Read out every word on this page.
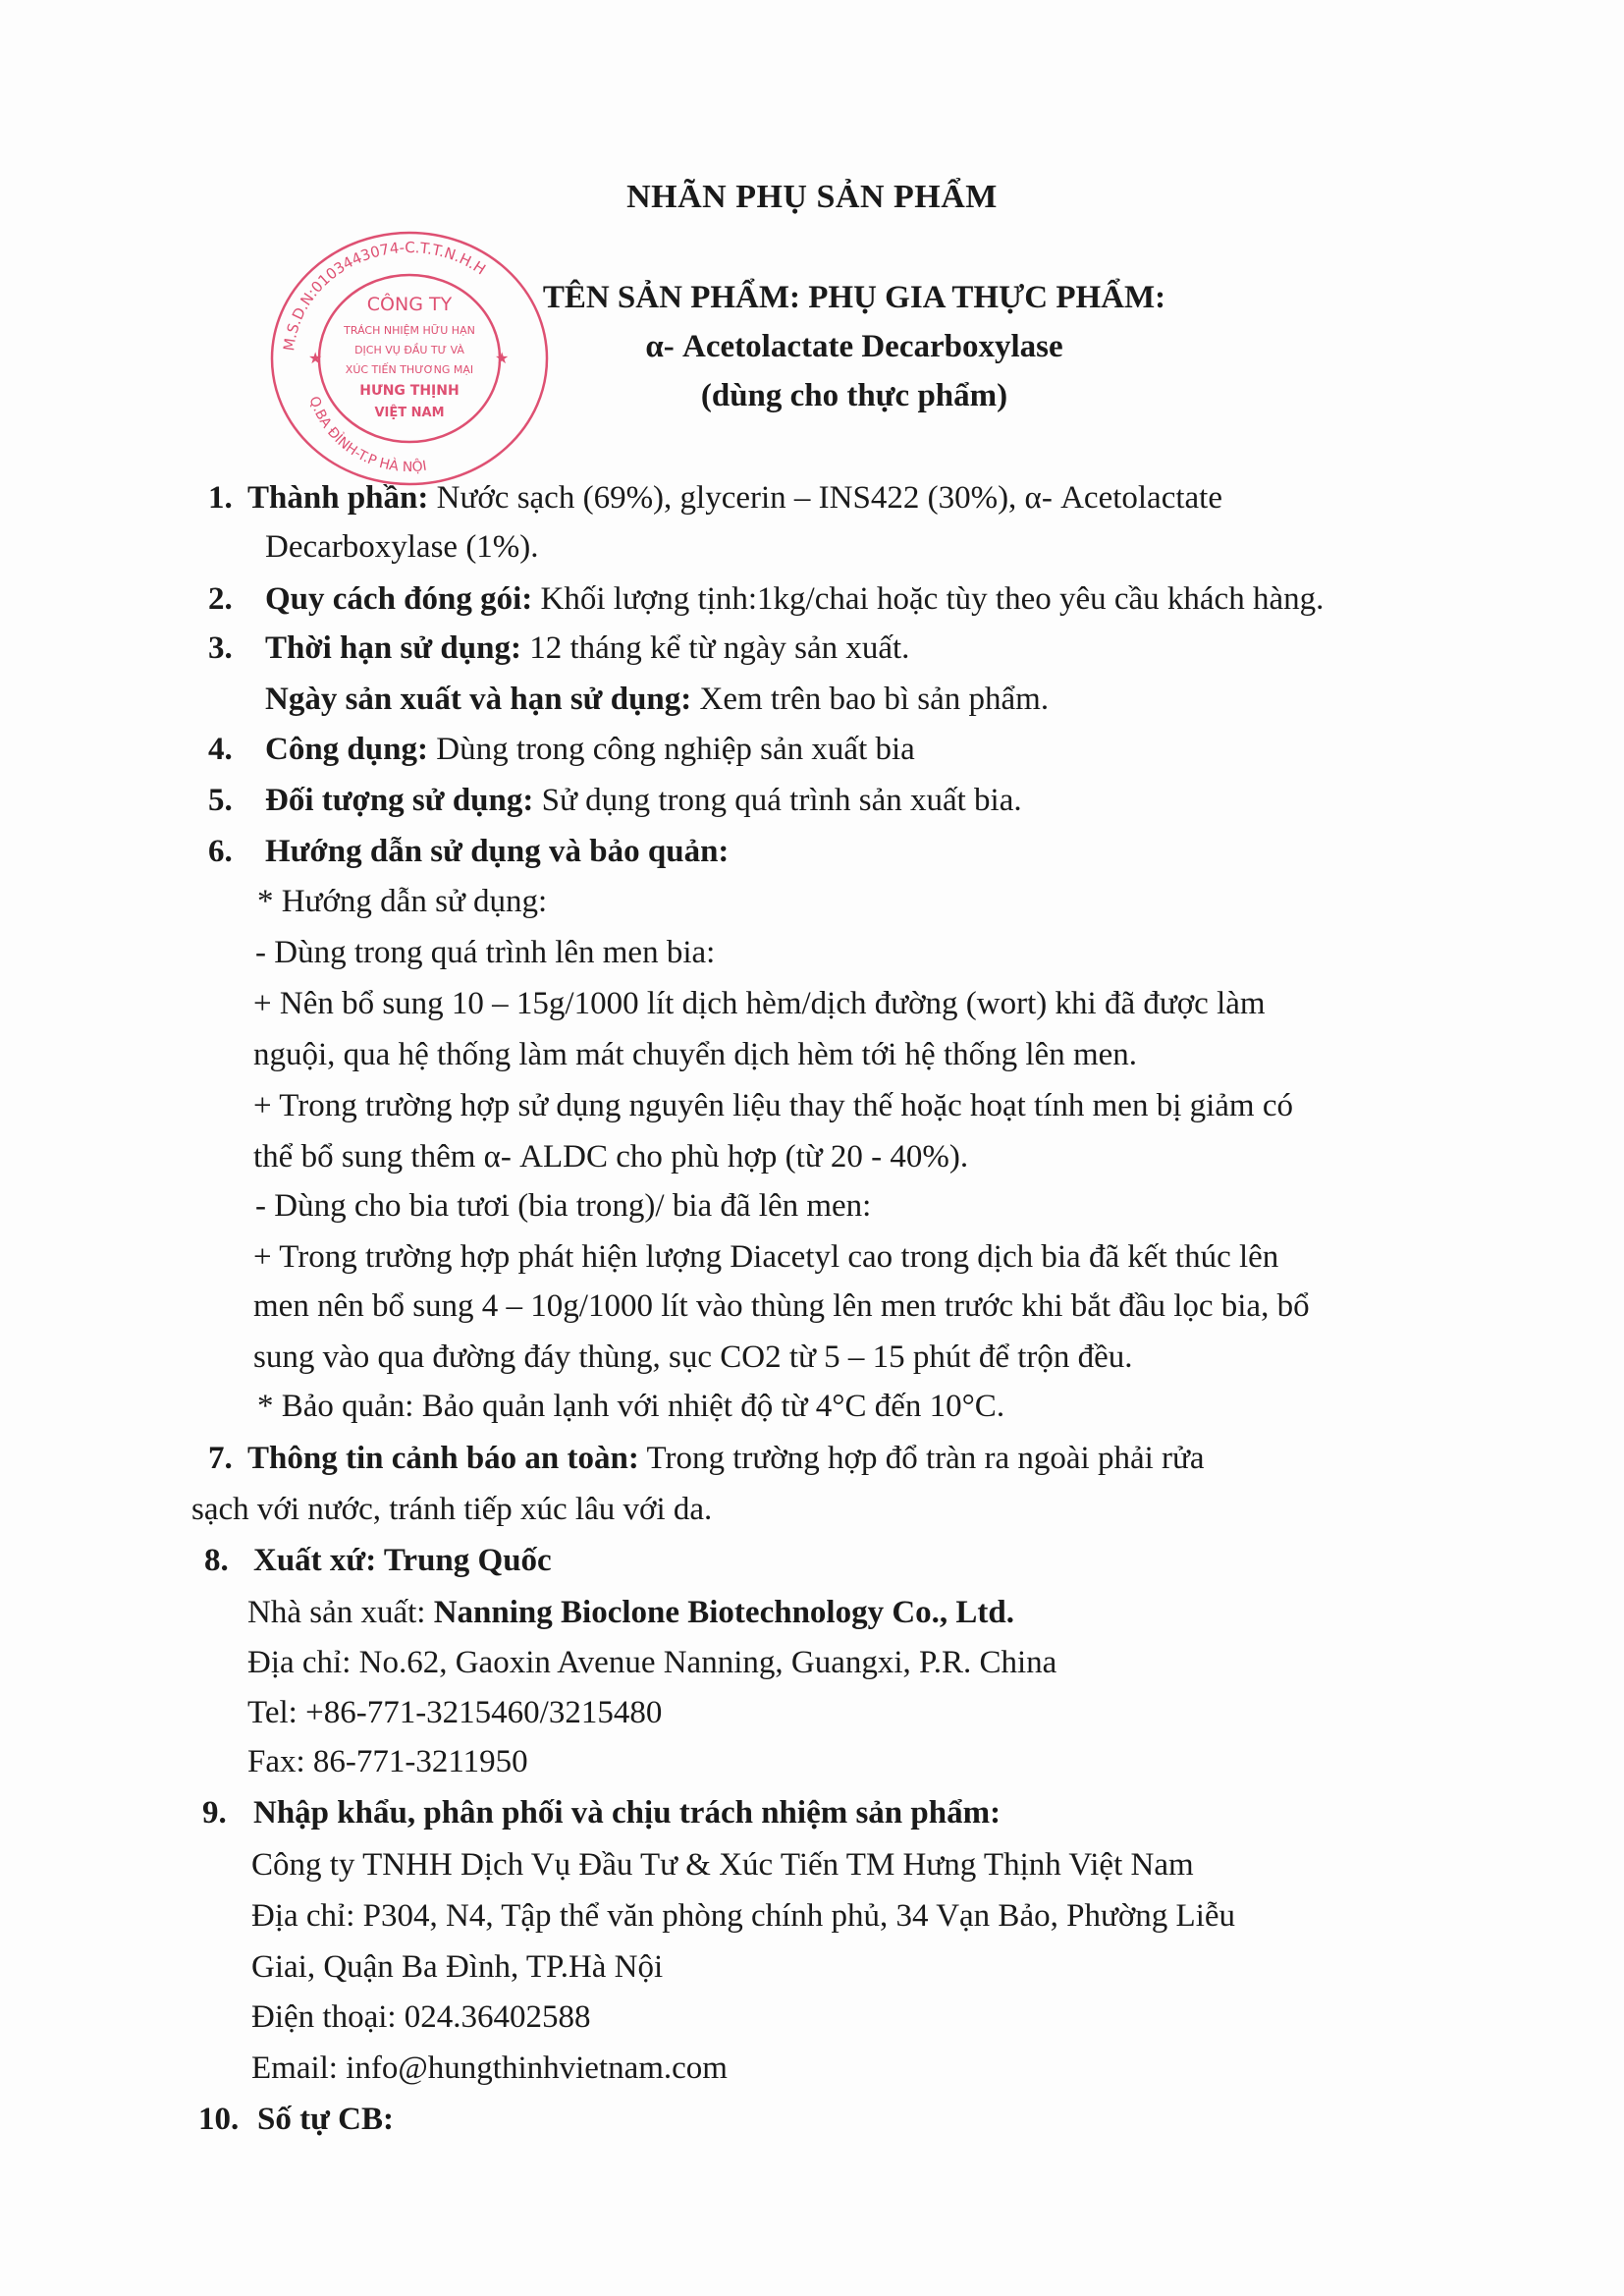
NHÃN PHỤ SẢN PHẨM
TÊN SẢN PHẨM: PHỤ GIA THỰC PHẨM:
α- Acetolactate Decarboxylase
(dùng cho thực phẩm)
M.S.D.N:0103443074-C.T.T.N.H.H
Q.BA ĐÌNH-T.P HÀ NỘI
CÔNG TY
TRÁCH NHIỆM HỮU HẠN
DỊCH VỤ ĐẦU TƯ VÀ
XÚC TIẾN THƯƠNG MẠI
HƯNG THỊNH
VIỆT NAM
★	★
1. Thành phần: Nước sạch (69%), glycerin – INS422 (30%), α- Acetolactate
Decarboxylase (1%).
2. Quy cách đóng gói: Khối lượng tịnh:1kg/chai hoặc tùy theo yêu cầu khách hàng.
3. Thời hạn sử dụng: 12 tháng kể từ ngày sản xuất.
Ngày sản xuất và hạn sử dụng: Xem trên bao bì sản phẩm.
4. Công dụng: Dùng trong công nghiệp sản xuất bia
5. Đối tượng sử dụng: Sử dụng trong quá trình sản xuất bia.
6. Hướng dẫn sử dụng và bảo quản:
* Hướng dẫn sử dụng:
- Dùng trong quá trình lên men bia:
+ Nên bổ sung 10 – 15g/1000 lít dịch hèm/dịch đường (wort) khi đã được làm
nguội, qua hệ thống làm mát chuyển dịch hèm tới hệ thống lên men.
+ Trong trường hợp sử dụng nguyên liệu thay thế hoặc hoạt tính men bị giảm có
thể bổ sung thêm α- ALDC cho phù hợp (từ 20 - 40%).
- Dùng cho bia tươi (bia trong)/ bia đã lên men:
+ Trong trường hợp phát hiện lượng Diacetyl cao trong dịch bia đã kết thúc lên
men nên bổ sung 4 – 10g/1000 lít vào thùng lên men trước khi bắt đầu lọc bia, bổ
sung vào qua đường đáy thùng, sục CO2 từ 5 – 15 phút để trộn đều.
* Bảo quản: Bảo quản lạnh với nhiệt độ từ 4°C đến 10°C.
7. Thông tin cảnh báo an toàn: Trong trường hợp đổ tràn ra ngoài phải rửa
sạch với nước, tránh tiếp xúc lâu với da.
8. Xuất xứ: Trung Quốc
Nhà sản xuất: Nanning Bioclone Biotechnology Co., Ltd.
Địa chỉ: No.62, Gaoxin Avenue Nanning, Guangxi, P.R. China
Tel: +86-771-3215460/3215480
Fax: 86-771-3211950
9. Nhập khẩu, phân phối và chịu trách nhiệm sản phẩm:
Công ty TNHH Dịch Vụ Đầu Tư & Xúc Tiến TM Hưng Thịnh Việt Nam
Địa chỉ: P304, N4, Tập thể văn phòng chính phủ, 34 Vạn Bảo, Phường Liễu
Giai, Quận Ba Đình, TP.Hà Nội
Điện thoại: 024.36402588
Email: info@hungthinhvietnam.com
10. Số tự CB:
